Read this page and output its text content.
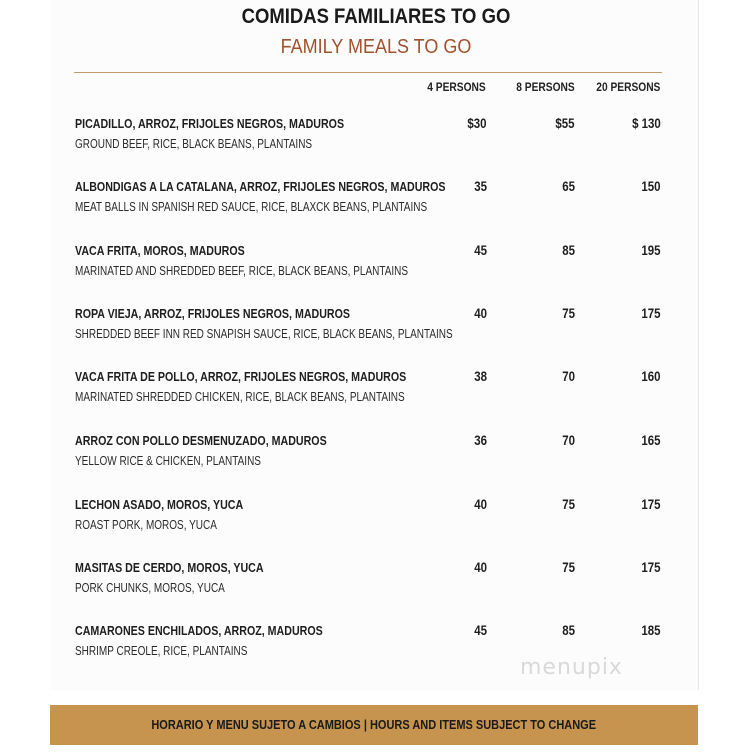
COMIDAS FAMILIARES TO GO
FAMILY MEALS TO GO
4 PERSONS	8 PERSONS 20 PERSONS
PICADILLO, ARROZ, FRIJOLES NEGROS, MADUROS
GROUND BEEF, RICE, BLACK BEANS, PLANTAINS
$30	$55	$ 130
ALBONDIGAS A LA CATALANA, ARROZ, FRIJOLES NEGROS, MADUROS
MEAT BALLS IN SPANISH RED SAUCE, RICE, BLAXCK BEANS, PLANTAINS
35	65	150
VACA FRITA, MOROS, MADUROS
MARINATED AND SHREDDED BEEF, RICE, BLACK BEANS, PLANTAINS
45	85	195
ROPA VIEJA, ARROZ, FRIJOLES NEGROS, MADUROS
SHREDDED BEEF INN RED SNAPISH SAUCE, RICE, BLACK BEANS, PLANTAINS
40	75	175
VACA FRITA DE POLLO, ARROZ, FRIJOLES NEGROS, MADUROS
MARINATED SHREDDED CHICKEN, RICE, BLACK BEANS, PLANTAINS
38	70	160
ARROZ CON POLLO DESMENUZADO, MADUROS
YELLOW RICE & CHICKEN, PLANTAINS
36	70	165
LECHON ASADO, MOROS, YUCA
ROAST PORK, MOROS, YUCA
40	75	175
MASITAS DE CERDO, MOROS, YUCA
PORK CHUNKS, MOROS, YUCA
40	75	175
CAMARONES ENCHILADOS, ARROZ, MADUROS
SHRIMP CREOLE, RICE, PLANTAINS
45	85	185
menupix
HORARIO Y MENU SUJETO A CAMBIOS | HOURS AND ITEMS SUBJECT TO CHANGE
